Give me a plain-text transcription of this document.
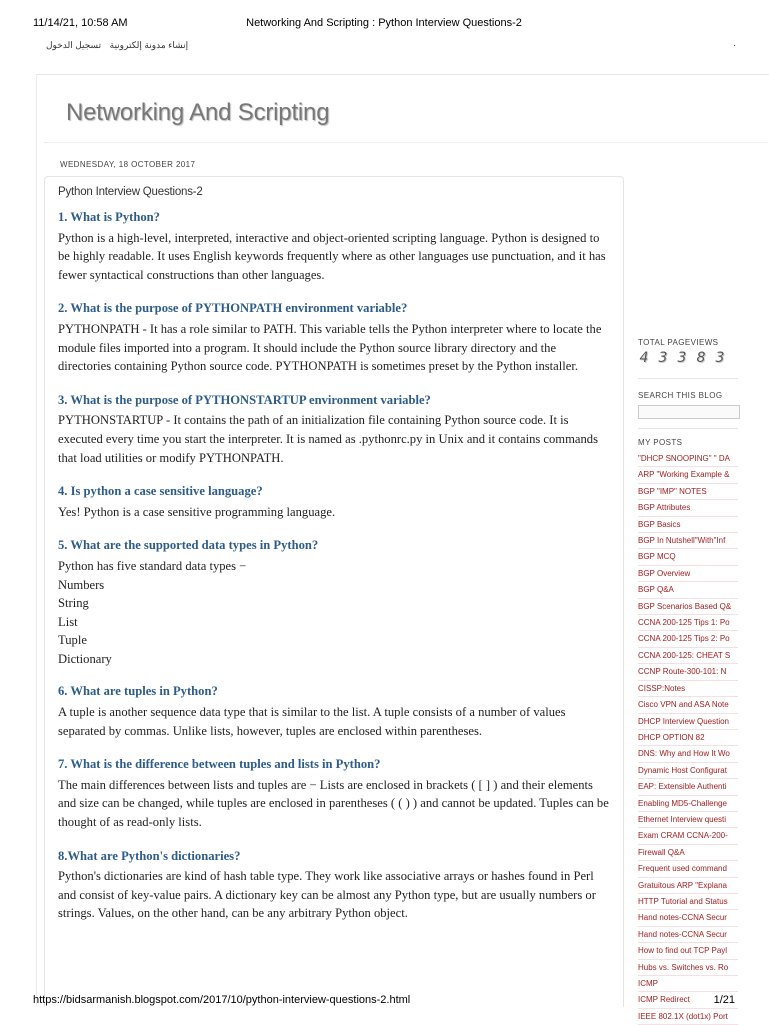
11/14/21, 10:58 AM	Networking And Scripting : Python Interview Questions-2
إنشاء مدونة إلكترونية تسجيل الدخول	.
Networking And Scripting
WEDNESDAY, 18 OCTOBER 2017
Python Interview Questions-2
1. What is Python?
Python is a high-level, interpreted, interactive and object-oriented scripting language. Python is designed to be highly readable. It uses English keywords frequently where as other languages use punctuation, and it has fewer syntactical constructions than other languages.
2. What is the purpose of PYTHONPATH environment variable?
PYTHONPATH - It has a role similar to PATH. This variable tells the Python interpreter where to locate the module files imported into a program. It should include the Python source library directory and the directories containing Python source code. PYTHONPATH is sometimes preset by the Python installer.
3. What is the purpose of PYTHONSTARTUP environment variable?
PYTHONSTARTUP - It contains the path of an initialization file containing Python source code. It is executed every time you start the interpreter. It is named as .pythonrc.py in Unix and it contains commands that load utilities or modify PYTHONPATH.
4. Is python a case sensitive language?
Yes! Python is a case sensitive programming language.
5. What are the supported data types in Python?
Python has five standard data types −
Numbers
String
List
Tuple
Dictionary
6. What are tuples in Python?
A tuple is another sequence data type that is similar to the list. A tuple consists of a number of values separated by commas. Unlike lists, however, tuples are enclosed within parentheses.
7. What is the difference between tuples and lists in Python?
The main differences between lists and tuples are − Lists are enclosed in brackets ( [ ] ) and their elements and size can be changed, while tuples are enclosed in parentheses ( ( ) ) and cannot be updated. Tuples can be thought of as read-only lists.
8.What are Python's dictionaries?
Python's dictionaries are kind of hash table type. They work like associative arrays or hashes found in Perl and consist of key-value pairs. A dictionary key can be almost any Python type, but are usually numbers or strings. Values, on the other hand, can be any arbitrary Python object.
TOTAL PAGEVIEWS
4 3 3 8 3
SEARCH THIS BLOG
MY POSTS
"DHCP SNOOPING" " DA
ARP "Working Example &
BGP "IMP" NOTES
BGP Attributes
BGP Basics
BGP In Nutshell"With"Inf
BGP MCQ
BGP Overview
BGP Q&A
BGP Scenarios Based Q&
CCNA 200-125 Tips 1: Po
CCNA 200-125 Tips 2: Po
CCNA 200-125: CHEAT S
CCNP Route-300-101: N
CISSP:Notes
Cisco VPN and ASA Note
DHCP Interview Question
DHCP OPTION 82
DNS: Why and How It Wo
Dynamic Host Configurat
EAP: Extensible Authenti
Enabling MD5-Challenge
Ethernet Interview questi
Exam CRAM CCNA-200-
Firewall Q&A
Frequent used command
Gratuitous ARP "Explana
HTTP Tutorial and Status
Hand notes-CCNA Secur
Hand notes-CCNA Secur
How to find out TCP Payl
Hubs vs. Switches vs. Ro
ICMP
ICMP Redirect
IEEE 802.1X (dot1x) Port
https://bidsarmanish.blogspot.com/2017/10/python-interview-questions-2.html	1/21
